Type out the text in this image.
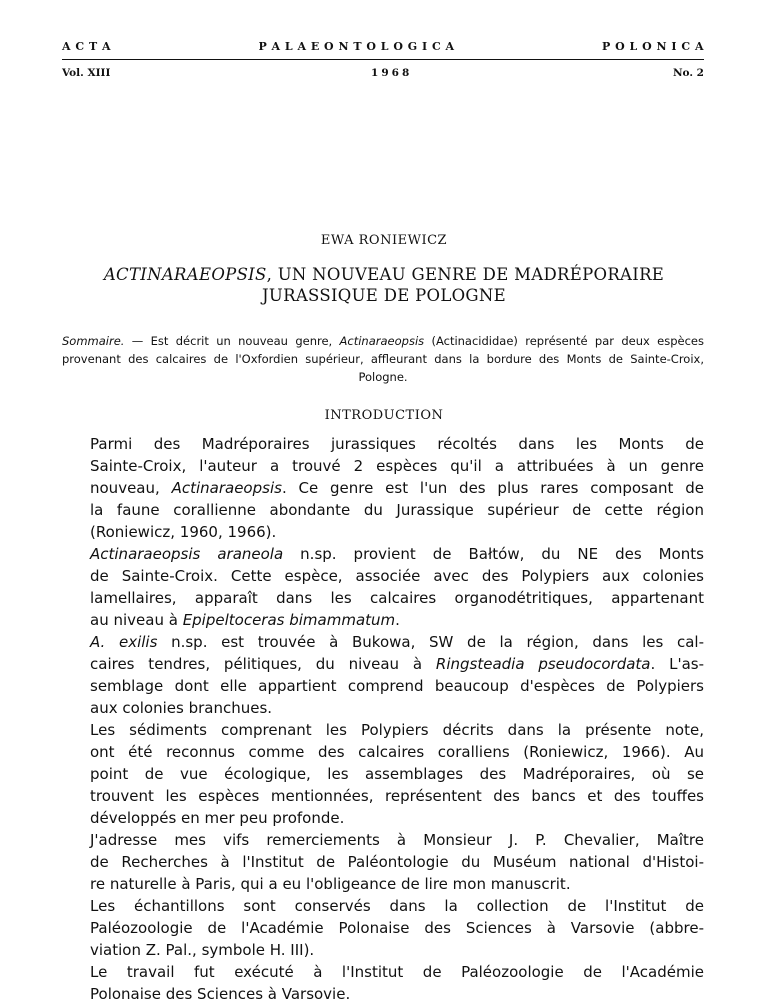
A C T A	P A L A E O N T O L O G I C A	P O L O N I C A
Vol. XIII	1968	No. 2
EWA RONIEWICZ
ACTINARAEOPSIS, UN NOUVEAU GENRE DE MADRÉPORAIRE
JURASSIQUE DE POLOGNE
Sommaire. — Est décrit un nouveau genre, Actinaraeopsis (Actinacididae) représenté par deux espèces provenant des calcaires de l'Oxfordien supérieur, affleurant dans la bordure des Monts de Sainte-Croix, Pologne.
INTRODUCTION

Parmi des Madréporaires jurassiques récoltés dans les Monts de
Sainte-Croix, l'auteur a trouvé 2 espèces qu'il a attribuées à un genre
nouveau, Actinaraeopsis. Ce genre est l'un des plus rares composant de
la faune corallienne abondante du Jurassique supérieur de cette région
(Roniewicz, 1960, 1966).

Actinaraeopsis araneola n.sp. provient de Bałtów, du NE des Monts
de Sainte-Croix. Cette espèce, associée avec des Polypiers aux colonies
lamellaires, apparaît dans les calcaires organodétritiques, appartenant
au niveau à Epipeltoceras bimammatum.

A. exilis n.sp. est trouvée à Bukowa, SW de la région, dans les cal-
caires tendres, pélitiques, du niveau à Ringsteadia pseudocordata. L'as-
semblage dont elle appartient comprend beaucoup d'espèces de Polypiers
aux colonies branchues.

Les sédiments comprenant les Polypiers décrits dans la présente note,
ont été reconnus comme des calcaires coralliens (Roniewicz, 1966). Au
point de vue écologique, les assemblages des Madréporaires, où se
trouvent les espèces mentionnées, représentent des bancs et des touffes
développés en mer peu profonde.

J'adresse mes vifs remerciements à Monsieur J. P. Chevalier, Maître
de Recherches à l'Institut de Paléontologie du Muséum national d'Histoi-
re naturelle à Paris, qui a eu l'obligeance de lire mon manuscrit.

Les échantillons sont conservés dans la collection de l'Institut de
Paléozoologie de l'Académie Polonaise des Sciences à Varsovie (abbre-
viation Z. Pal., symbole H. III).

Le travail fut exécuté à l'Institut de Paléozoologie de l'Académie
Polonaise des Sciences à Varsovie.
